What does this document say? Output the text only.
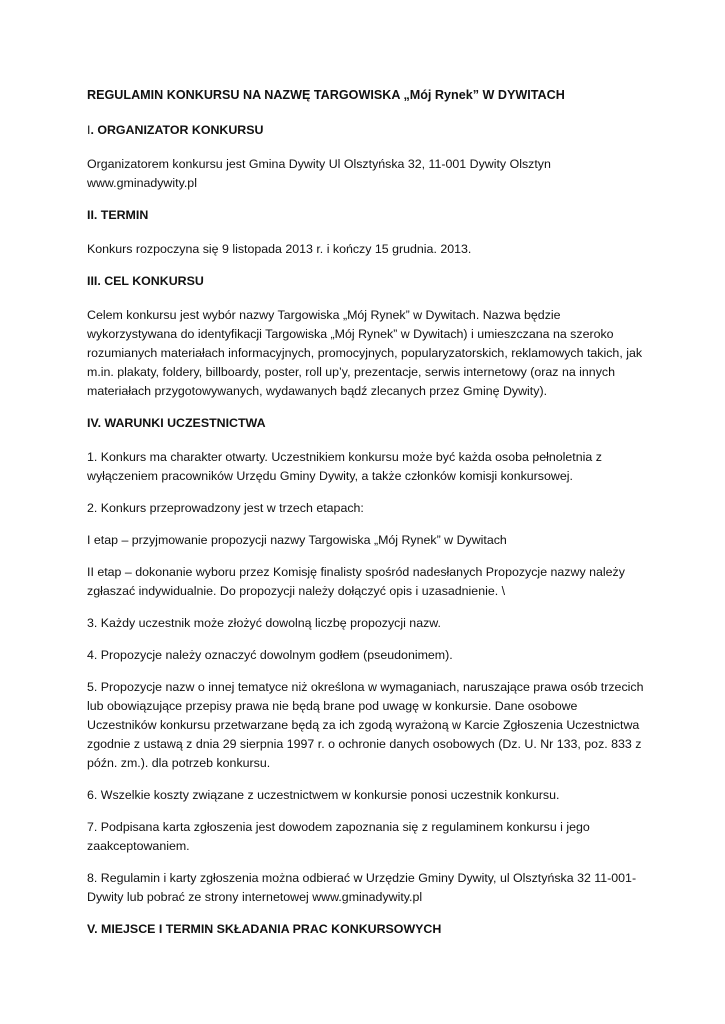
REGULAMIN KONKURSU NA NAZWĘ TARGOWISKA „Mój Rynek” W DYWITACH
I. ORGANIZATOR KONKURSU

Organizatorem konkursu jest Gmina Dywity Ul Olsztyńska 32, 11-001 Dywity Olsztyn www.gminadywity.pl

II. TERMIN

Konkurs rozpoczyna się 9 listopada 2013 r. i kończy 15 grudnia. 2013.

III. CEL KONKURSU

Celem konkursu jest wybór nazwy Targowiska „Mój Rynek” w Dywitach. Nazwa będzie wykorzystywana do identyfikacji Targowiska „Mój Rynek” w Dywitach) i umieszczana na szeroko rozumianych materiałach informacyjnych, promocyjnych, popularyzatorskich, reklamowych takich, jak m.in. plakaty, foldery, billboardy, poster, roll up’y, prezentacje, serwis internetowy (oraz na innych materiałach przygotowywanych, wydawanych bądź zlecanych przez Gminę Dywity).

IV. WARUNKI UCZESTNICTWA

1. Konkurs ma charakter otwarty. Uczestnikiem konkursu może być każda osoba pełnoletnia z wyłączeniem pracowników Urzędu Gminy Dywity, a także członków komisji konkursowej.

2. Konkurs przeprowadzony jest w trzech etapach:

I etap – przyjmowanie propozycji nazwy Targowiska „Mój Rynek” w Dywitach

II etap – dokonanie wyboru przez Komisję finalisty spośród nadesłanych Propozycje nazwy należy zgłaszać indywidualnie. Do propozycji należy dołączyć opis i uzasadnienie. \

3. Każdy uczestnik może złożyć dowolną liczbę propozycji nazw.

4. Propozycje należy oznaczyć dowolnym godłem (pseudonimem).

5. Propozycje nazw o innej tematyce niż określona w wymaganiach, naruszające prawa osób trzecich lub obowiązujące przepisy prawa nie będą brane pod uwagę w konkursie. Dane osobowe Uczestników konkursu przetwarzane będą za ich zgodą wyrażoną w Karcie Zgłoszenia Uczestnictwa zgodnie z ustawą z dnia 29 sierpnia 1997 r. o ochronie danych osobowych (Dz. U. Nr 133, poz. 833 z późn. zm.). dla potrzeb konkursu.

6. Wszelkie koszty związane z uczestnictwem w konkursie ponosi uczestnik konkursu.

7. Podpisana karta zgłoszenia jest dowodem zapoznania się z regulaminem konkursu i jego zaakceptowaniem.

8. Regulamin i karty zgłoszenia można odbierać w Urzędzie Gminy Dywity, ul Olsztyńska 32 11-001-Dywity lub pobrać ze strony internetowej www.gminadywity.pl

V. MIEJSCE I TERMIN SKŁADANIA PRAC KONKURSOWYCH
